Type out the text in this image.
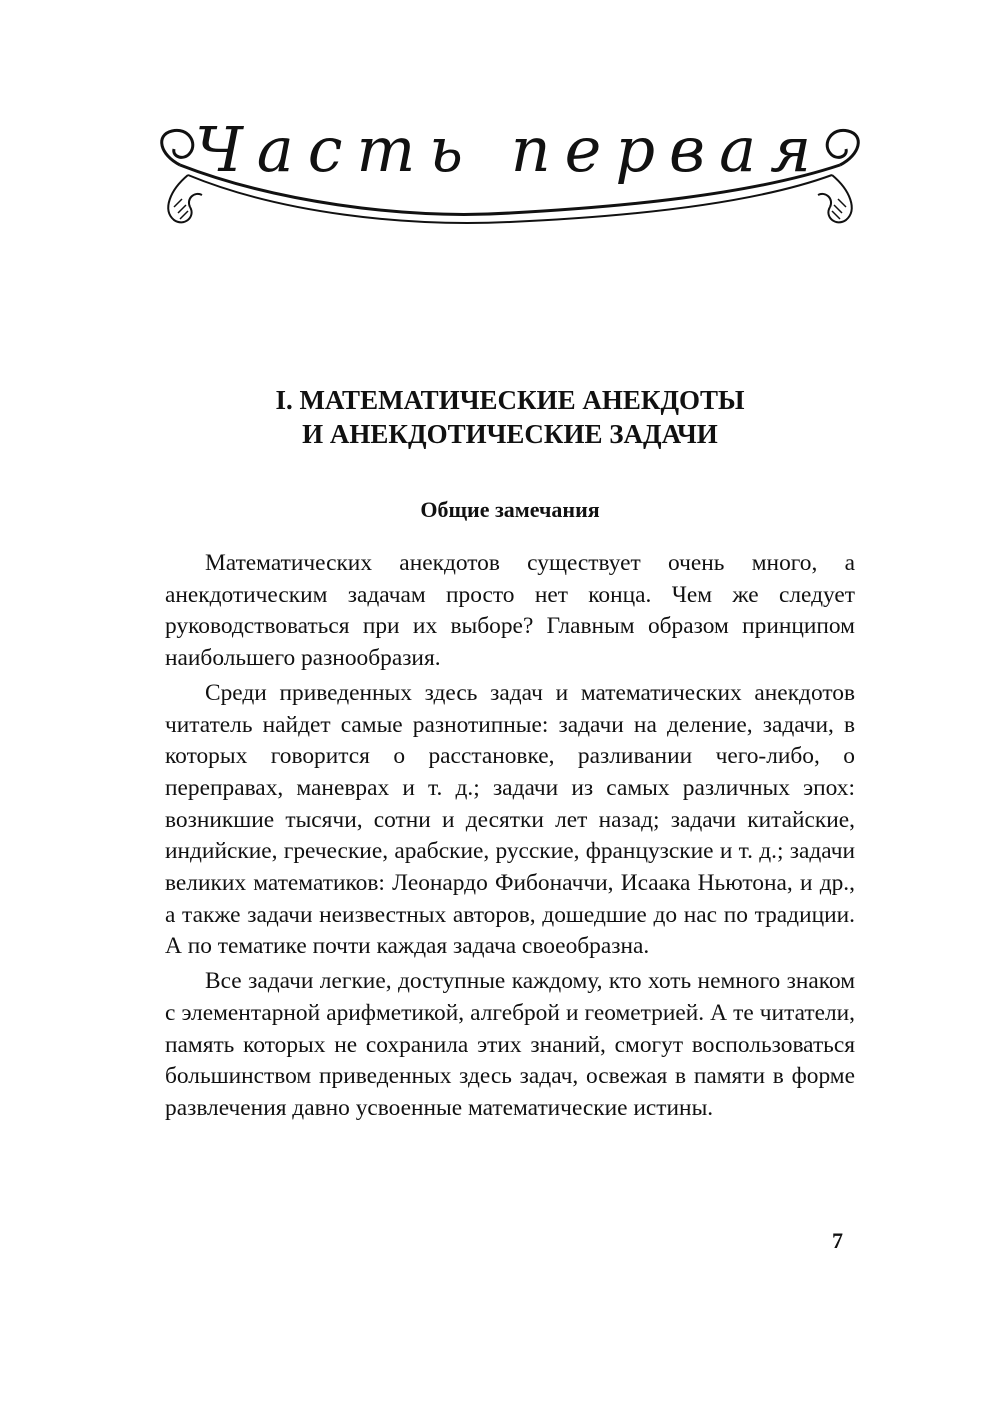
Часть первая
I. МАТЕМАТИЧЕСКИЕ АНЕКДОТЫ
И АНЕКДОТИЧЕСКИЕ ЗАДАЧИ
Общие замечания

Математических анекдотов существует очень много, а анекдотическим задачам просто нет конца. Чем же следует руководствоваться при их выборе? Главным образом принципом наибольшего разнообразия.

Среди приведенных здесь задач и математических анекдотов читатель найдет самые разнотипные: задачи на деление, задачи, в которых говорится о расстановке, разливании чего-либо, о переправах, маневрах и т. д.; задачи из самых различных эпох: возникшие тысячи, сотни и десятки лет назад; задачи китайские, индийские, греческие, арабские, русские, французские и т. д.; задачи великих математиков: Леонардо Фибоначчи, Исаака Ньютона, и др., а также задачи неизвестных авторов, дошедшие до нас по традиции. А по тематике почти каждая задача своеобразна.

Все задачи легкие, доступные каждому, кто хоть немного знаком с элементарной арифметикой, алгеброй и геометрией. А те читатели, память которых не сохранила этих знаний, смогут воспользоваться большинством приведенных здесь задач, освежая в памяти в форме развлечения давно усвоенные математические истины.

7
